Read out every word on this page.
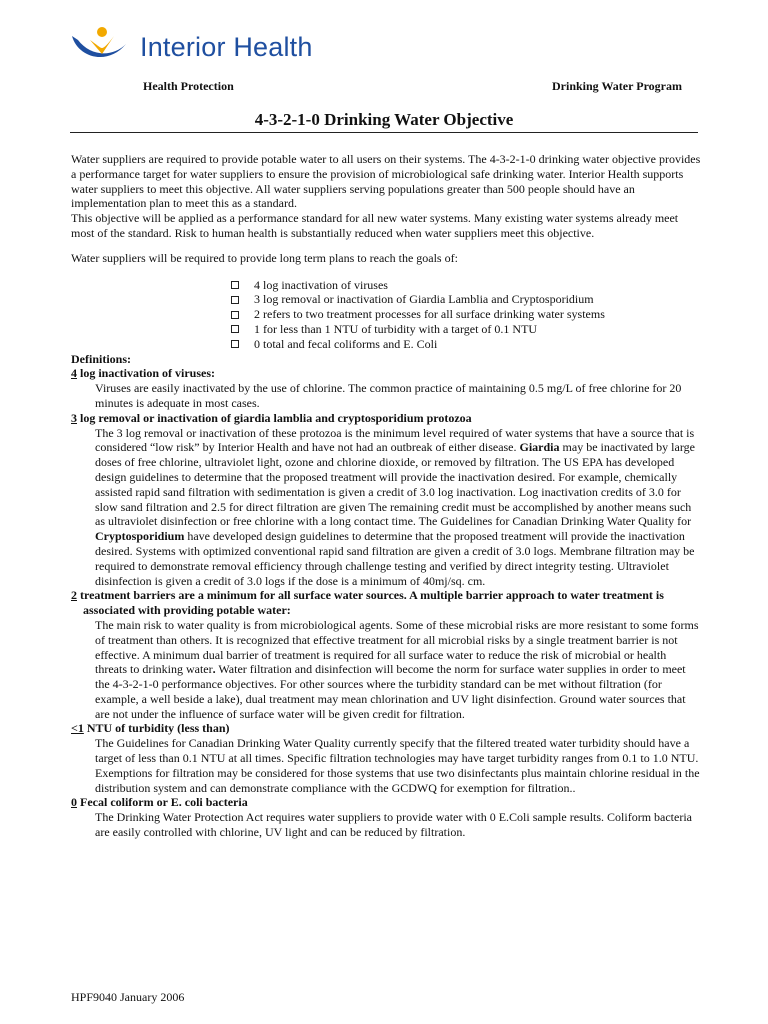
Interior Health
Health Protection	Drinking Water Program
4-3-2-1-0 Drinking Water Objective

Water suppliers are required to provide potable water to all users on their systems. The 4-3-2-1-0 drinking water objective provides a performance target for water suppliers to ensure the provision of microbiological safe drinking water. Interior Health supports water suppliers to meet this objective. All water suppliers serving populations greater than 500 people should have an implementation plan to meet this as a standard.

This objective will be applied as a performance standard for all new water systems. Many existing water systems already meet most of the standard. Risk to human health is substantially reduced when water suppliers meet this objective.

Water suppliers will be required to provide long term plans to reach the goals of:

4 log inactivation of viruses
3 log removal or inactivation of Giardia Lamblia and Cryptosporidium
2 refers to two treatment processes for all surface drinking water systems
1 for less than 1 NTU of turbidity with a target of 0.1 NTU
0 total and fecal coliforms and E. Coli

Definitions:

4 log inactivation of viruses:

Viruses are easily inactivated by the use of chlorine. The common practice of maintaining 0.5 mg/L of free chlorine for 20 minutes is adequate in most cases.

3 log removal or inactivation of giardia lamblia and cryptosporidium protozoa

The 3 log removal or inactivation of these protozoa is the minimum level required of water systems that have a source that is considered “low risk” by Interior Health and have not had an outbreak of either disease. Giardia may be inactivated by large doses of free chlorine, ultraviolet light, ozone and chlorine dioxide, or removed by filtration. The US EPA has developed design guidelines to determine that the proposed treatment will provide the inactivation desired. For example, chemically assisted rapid sand filtration with sedimentation is given a credit of 3.0 log inactivation. Log inactivation credits of 3.0 for slow sand filtration and 2.5 for direct filtration are given The remaining credit must be accomplished by another means such as ultraviolet disinfection or free chlorine with a long contact time. The Guidelines for Canadian Drinking Water Quality for Cryptosporidium have developed design guidelines to determine that the proposed treatment will provide the inactivation desired. Systems with optimized conventional rapid sand filtration are given a credit of 3.0 logs. Membrane filtration may be required to demonstrate removal efficiency through challenge testing and verified by direct integrity testing. Ultraviolet disinfection is given a credit of 3.0 logs if the dose is a minimum of 40mj/sq. cm.

2 treatment barriers are a minimum for all surface water sources. A multiple barrier approach to water treatment is associated with providing potable water:

The main risk to water quality is from microbiological agents. Some of these microbial risks are more resistant to some forms of treatment than others. It is recognized that effective treatment for all microbial risks by a single treatment barrier is not effective. A minimum dual barrier of treatment is required for all surface water to reduce the risk of microbial or health threats to drinking water. Water filtration and disinfection will become the norm for surface water supplies in order to meet the 4-3-2-1-0 performance objectives. For other sources where the turbidity standard can be met without filtration (for example, a well beside a lake), dual treatment may mean chlorination and UV light disinfection. Ground water sources that are not under the influence of surface water will be given credit for filtration.

<1 NTU of turbidity (less than)

The Guidelines for Canadian Drinking Water Quality currently specify that the filtered treated water turbidity should have a target of less than 0.1 NTU at all times. Specific filtration technologies may have target turbidity ranges from 0.1 to 1.0 NTU. Exemptions for filtration may be considered for those systems that use two disinfectants plus maintain chlorine residual in the distribution system and can demonstrate compliance with the GCDWQ for exemption for filtration..

0 Fecal coliform or E. coli bacteria

The Drinking Water Protection Act requires water suppliers to provide water with 0 E.Coli sample results. Coliform bacteria are easily controlled with chlorine, UV light and can be reduced by filtration.

HPF9040 January 2006
